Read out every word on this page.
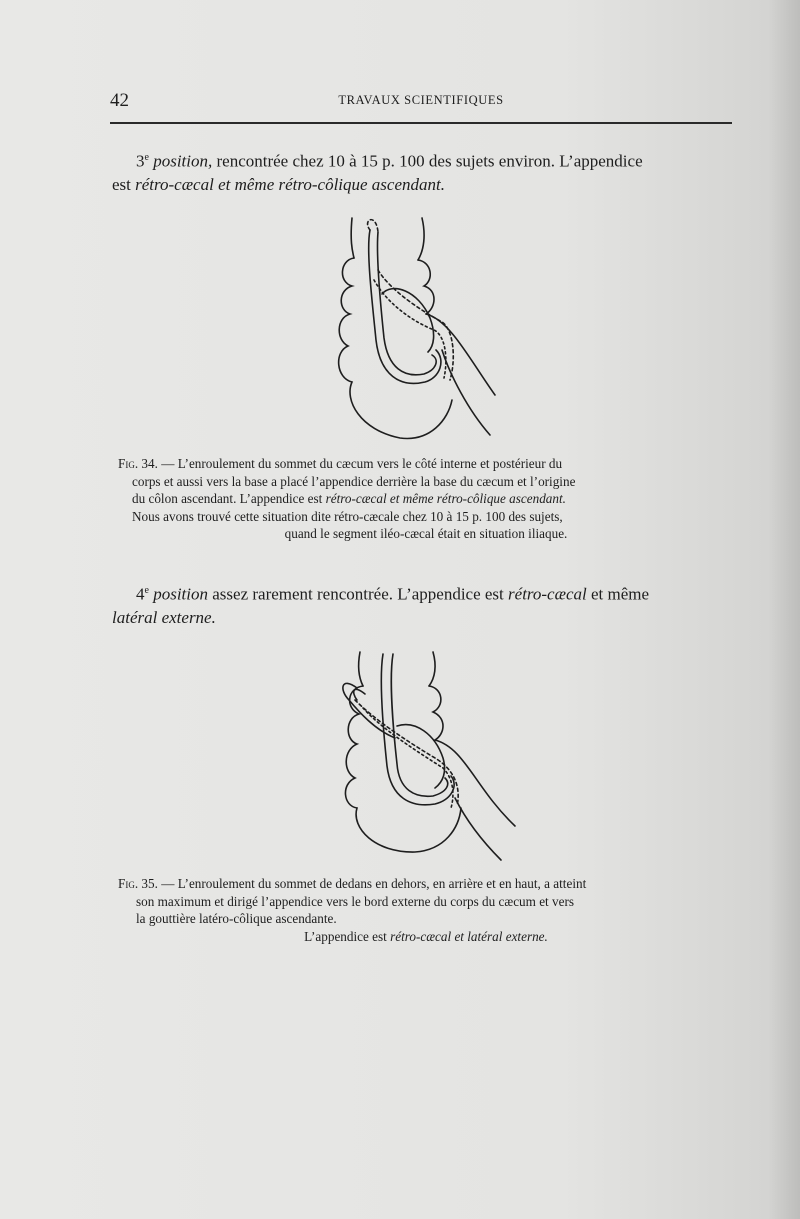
42	TRAVAUX SCIENTIFIQUES
3e position, rencontrée chez 10 à 15 p. 100 des sujets environ. L’appendice
est rétro-cæcal et même rétro-côlique ascendant.
Fig. 34. — L’enroulement du sommet du cæcum vers le côté interne et postérieur du
corps et aussi vers la base a placé l’appendice derrière la base du cæcum et l’origine
du côlon ascendant. L’appendice est rétro-cæcal et même rétro-côlique ascendant.
Nous avons trouvé cette situation dite rétro-cæcale chez 10 à 15 p. 100 des sujets,
quand le segment iléo-cæcal était en situation iliaque.
4e position assez rarement rencontrée. L’appendice est rétro-cæcal et même
latéral externe.
Fig. 35. — L’enroulement du sommet de dedans en dehors, en arrière et en haut, a atteint
son maximum et dirigé l’appendice vers le bord externe du corps du cæcum et vers
la gouttière latéro-côlique ascendante.
L’appendice est rétro-cæcal et latéral externe.
